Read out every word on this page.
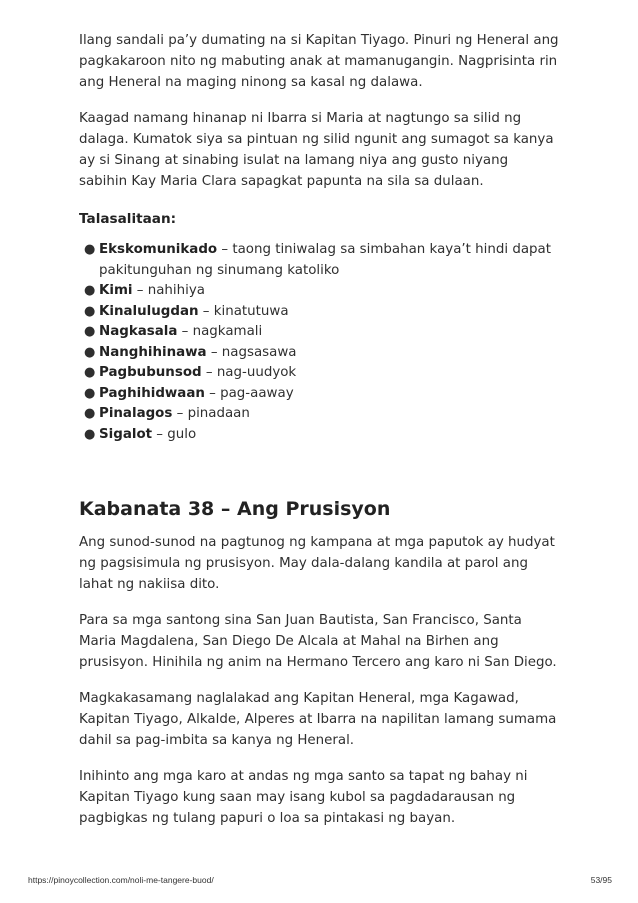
Ilang sandali pa’y dumating na si Kapitan Tiyago. Pinuri ng Heneral ang pagkakaroon nito ng mabuting anak at mamanugangin. Nagprisinta rin ang Heneral na maging ninong sa kasal ng dalawa.

Kaagad namang hinanap ni Ibarra si Maria at nagtungo sa silid ng dalaga. Kumatok siya sa pintuan ng silid ngunit ang sumagot sa kanya ay si Sinang at sinabing isulat na lamang niya ang gusto niyang sabihin Kay Maria Clara sapagkat papunta na sila sa dulaan.

Talasalitaan:
● Ekskomunikado – taong tiniwalag sa simbahan kaya’t hindi dapat pakitunguhan ng sinumang katoliko
● Kimi – nahihiya
● Kinalulugdan – kinatutuwa
● Nagkasala – nagkamali
● Nanghihinawa – nagsasawa
● Pagbubunsod – nag-uudyok
● Paghihidwaan – pag-aaway
● Pinalagos – pinadaan
● Sigalot – gulo
Kabanata 38 – Ang Prusisyon

Ang sunod-sunod na pagtunog ng kampana at mga paputok ay hudyat ng pagsisimula ng prusisyon. May dala-dalang kandila at parol ang lahat ng nakiisa dito.

Para sa mga santong sina San Juan Bautista, San Francisco, Santa Maria Magdalena, San Diego De Alcala at Mahal na Birhen ang prusisyon. Hinihila ng anim na Hermano Tercero ang karo ni San Diego.

Magkakasamang naglalakad ang Kapitan Heneral, mga Kagawad, Kapitan Tiyago, Alkalde, Alperes at Ibarra na napilitan lamang sumama dahil sa pag-imbita sa kanya ng Heneral.

Inihinto ang mga karo at andas ng mga santo sa tapat ng bahay ni Kapitan Tiyago kung saan may isang kubol sa pagdadarausan ng pagbigkas ng tulang papuri o loa sa pintakasi ng bayan.

https://pinoycollection.com/noli-me-tangere-buod/	53/95
